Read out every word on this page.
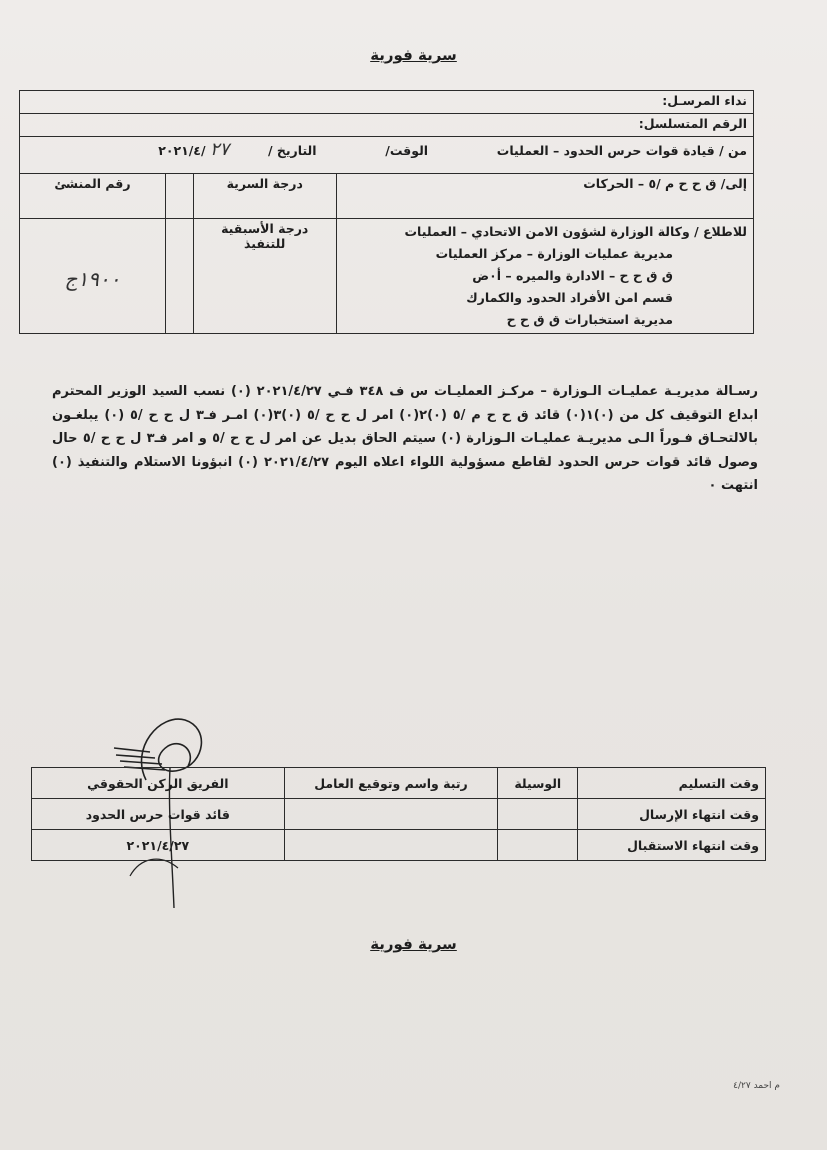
سرية فورية
نداء المرسـل:			
الرقم المتسلسل:			
من / قيادة قوات حرس الحدود – العمليات  الوقت/  التاريخ /  ٢٧ /٢٠٢١/٤			
إلى/ ق ح ح م /٥ – الحركات	درجة السرية		رقم المنشئ

للاطلاع / وكالة الوزارة لشؤون الامن الاتحادي – العمليات
مديرية عمليات الوزارة – مركز العمليات
ق ق ح ح – الادارة والميره – أ٠ض
قسم امن الأفراد الحدود والكمارك
مديرية استخبارات ق ق ح ح	درجة الأسبقية للتنفيذ		١٩٠٠ج
رسـالة مديريـة عمليـات الـوزارة – مركـز العمليـات س ف ٣٤٨ فـي ٢٠٢١/٤/٢٧ (٠) نسب السيد الوزير المحترم ابداع التوقيف كل من (٠)١(٠) قائد ق ح ح م /٥ (٠)٢(٠) امر ل ح ح /٥ (٠)٣(٠) امـر فـ٣ ل ح ح /٥ (٠) يبلغـون بالالتحـاق فـوراً الـى مديريـة عمليـات الـوزارة (٠) سيتم الحاق بديل عن امر ل ح ح /٥ و امر فـ٣ ل ح ح /٥ حال وصول قائد قوات حرس الحدود لقاطع مسؤولية اللواء اعلاه اليوم ٢٠٢١/٤/٢٧ (٠) انبؤونا الاستلام والتنفيذ (٠) انتهت ٠
وقت التسليم	الوسيلة	رتبة واسم وتوقيع العامل	الفريق الركن الحقوقي
وقت انتهاء الإرسال			قائد قوات حرس الحدود
وقت انتهاء الاستقبال			٢٠٢١/٤/٢٧
سرية فورية
م احمد ٤/٢٧
